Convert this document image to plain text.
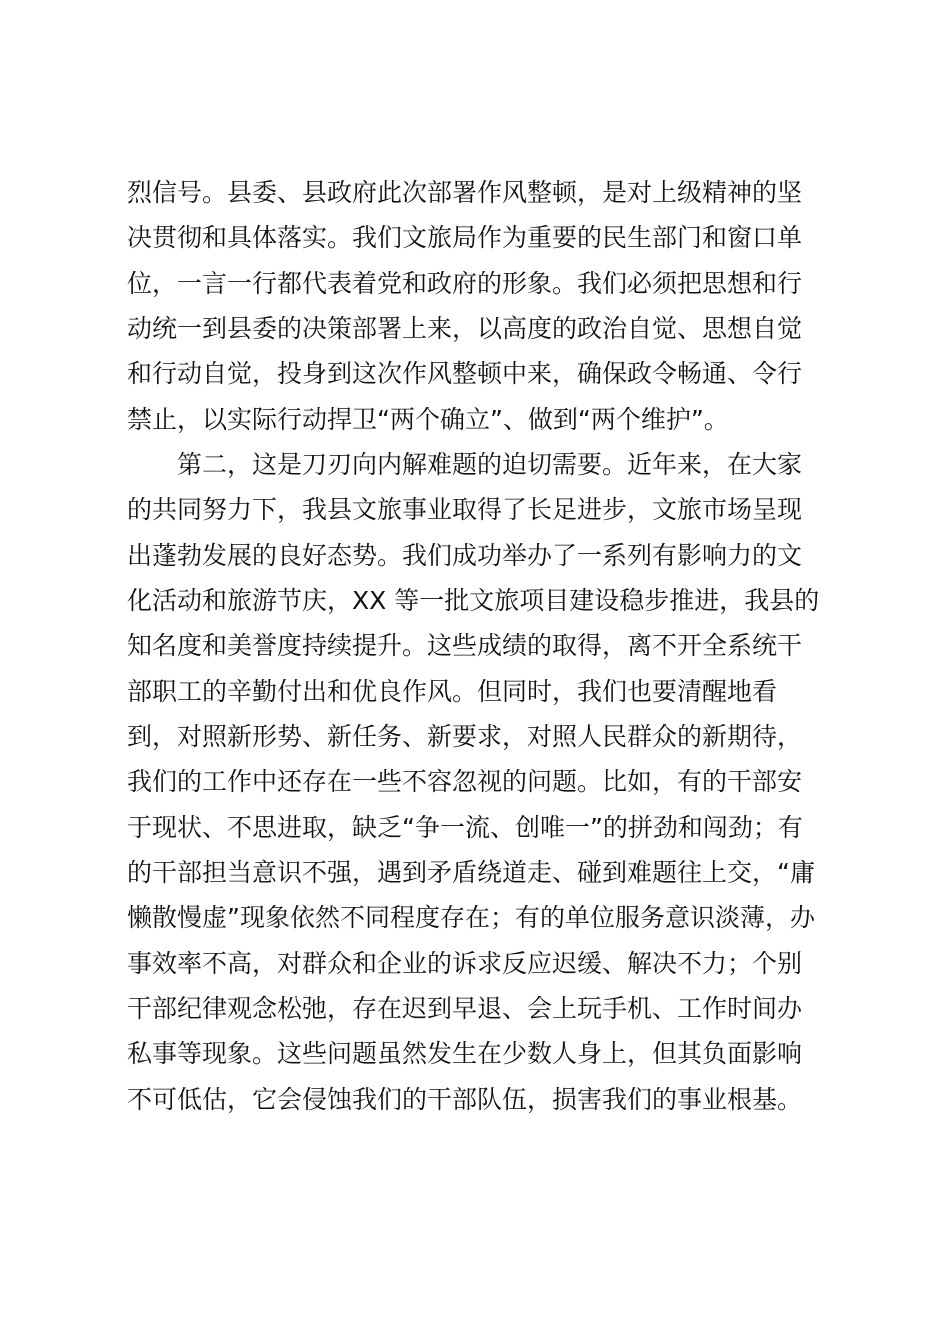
烈信号。县委、县政府此次部署作风整顿，是对上级精神的坚
决贯彻和具体落实。我们文旅局作为重要的民生部门和窗口单
位，一言一行都代表着党和政府的形象。我们必须把思想和行
动统一到县委的决策部署上来，以高度的政治自觉、思想自觉
和行动自觉，投身到这次作风整顿中来，确保政令畅通、令行
禁止，以实际行动捍卫“两个确立”、做到“两个维护”。
第二，这是刀刃向内解难题的迫切需要。近年来，在大家
的共同努力下，我县文旅事业取得了长足进步，文旅市场呈现
出蓬勃发展的良好态势。我们成功举办了一系列有影响力的文
化活动和旅游节庆，XX 等一批文旅项目建设稳步推进，我县的
知名度和美誉度持续提升。这些成绩的取得，离不开全系统干
部职工的辛勤付出和优良作风。但同时，我们也要清醒地看
到，对照新形势、新任务、新要求，对照人民群众的新期待，
我们的工作中还存在一些不容忽视的问题。比如，有的干部安
于现状、不思进取，缺乏“争一流、创唯一”的拼劲和闯劲；有
的干部担当意识不强，遇到矛盾绕道走、碰到难题往上交，“庸
懒散慢虚”现象依然不同程度存在；有的单位服务意识淡薄，办
事效率不高，对群众和企业的诉求反应迟缓、解决不力；个别
干部纪律观念松弛，存在迟到早退、会上玩手机、工作时间办
私事等现象。这些问题虽然发生在少数人身上，但其负面影响
不可低估，它会侵蚀我们的干部队伍，损害我们的事业根基。
